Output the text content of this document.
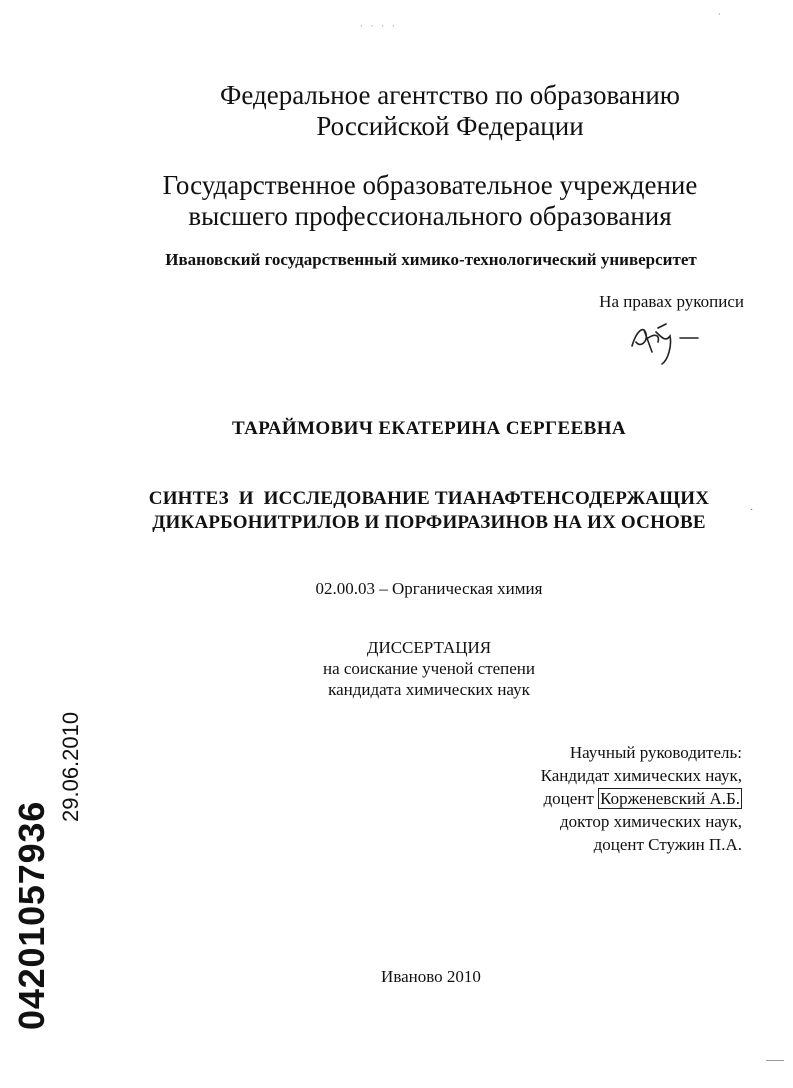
· · · ·
·
Федеральное агентство по образованию
Российской Федерации
Государственное образовательное учреждение
высшего профессионального образования
Ивановский государственный химико-технологический университет
На правах рукописи
ТАРАЙМОВИЧ ЕКАТЕРИНА СЕРГЕЕВНА
СИНТЕЗ  И  ИССЛЕДОВАНИЕ ТИАНАФТЕНСОДЕРЖАЩИХ
ДИКАРБОНИТРИЛОВ И ПОРФИРАЗИНОВ НА ИХ ОСНОВЕ
·
02.00.03 – Органическая химия
ДИССЕРТАЦИЯ
на соискание ученой степени
кандидата химических наук
Научный руководитель:
Кандидат химических наук,
доцент Корженевский А.Б.
доктор химических наук,
доцент Стужин П.А.
Иваново 2010
04201057936
29.06.2010
